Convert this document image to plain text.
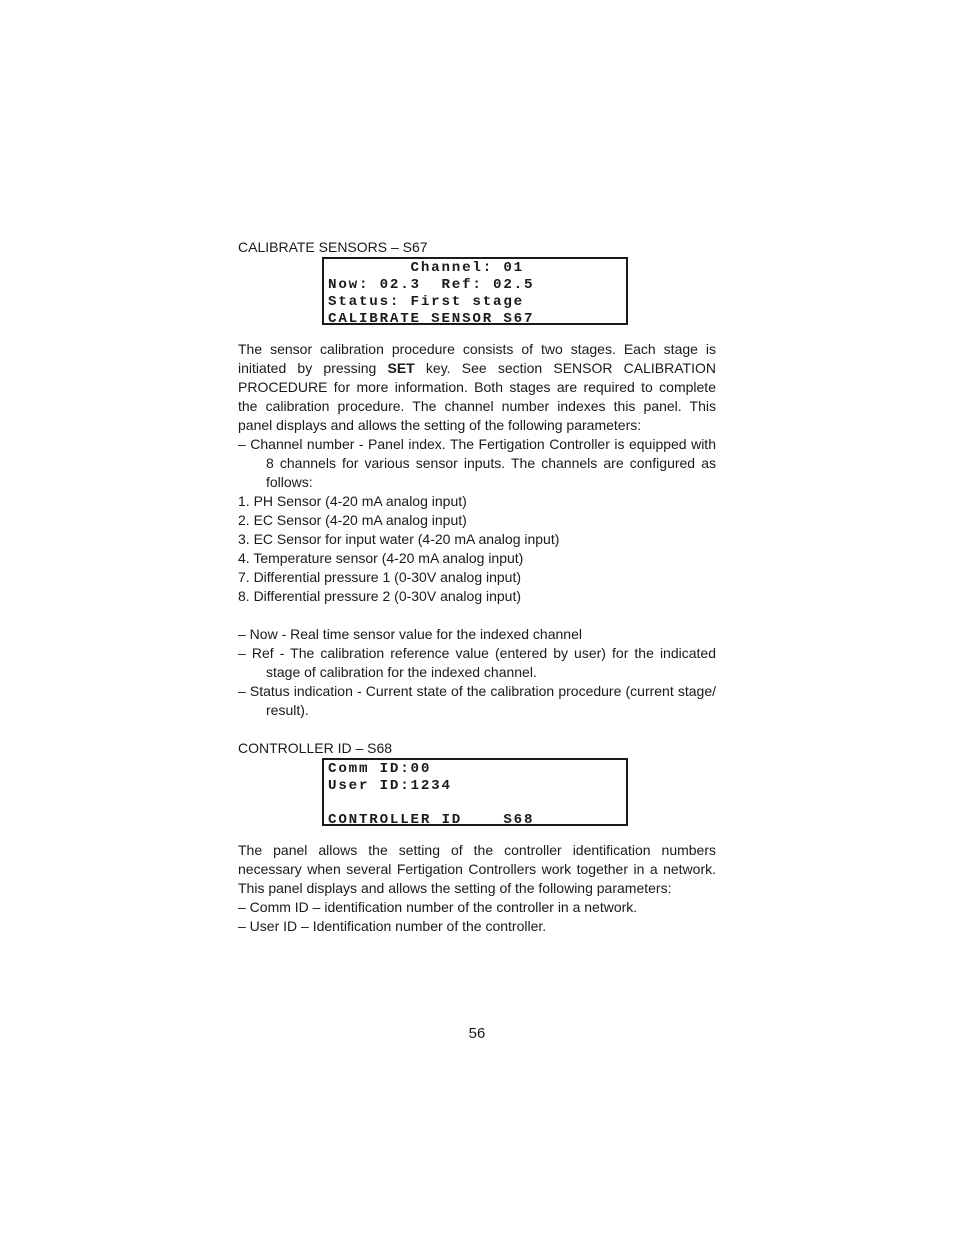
CALIBRATE SENSORS – S67
Channel: 01
Now: 02.3  Ref: 02.5
Status: First stage
CALIBRATE SENSOR S67

The sensor calibration procedure consists of two stages. Each stage is initiated by pressing SET key. See section SENSOR CALIBRATION PROCEDURE for more information. Both stages are required to complete the calibration procedure. The channel number indexes this panel. This panel displays and allows the setting of the following parameters:

– Channel number - Panel index. The Fertigation Controller is equipped with 8 channels for various sensor inputs. The channels are configured as follows:

1. PH Sensor (4-20 mA analog input)

2. EC Sensor (4-20 mA analog input)

3. EC Sensor for input water (4-20 mA analog input)

4. Temperature sensor (4-20 mA analog input)

7. Differential pressure 1 (0-30V analog input)

8. Differential pressure 2 (0-30V analog input)

– Now - Real time sensor value for the indexed channel

– Ref - The calibration reference value (entered by user) for the indicated stage of calibration for the indexed channel.

– Status indication - Current state of the calibration procedure (current stage/ result).

CONTROLLER ID – S68
Comm ID:00
User ID:1234
CONTROLLER ID    S68

The panel allows the setting of the controller identification numbers necessary when several Fertigation Controllers work together in a network. This panel displays and allows the setting of the following parameters:

– Comm ID – identification number of the controller in a network.

– User ID – Identification number of the controller.

56
